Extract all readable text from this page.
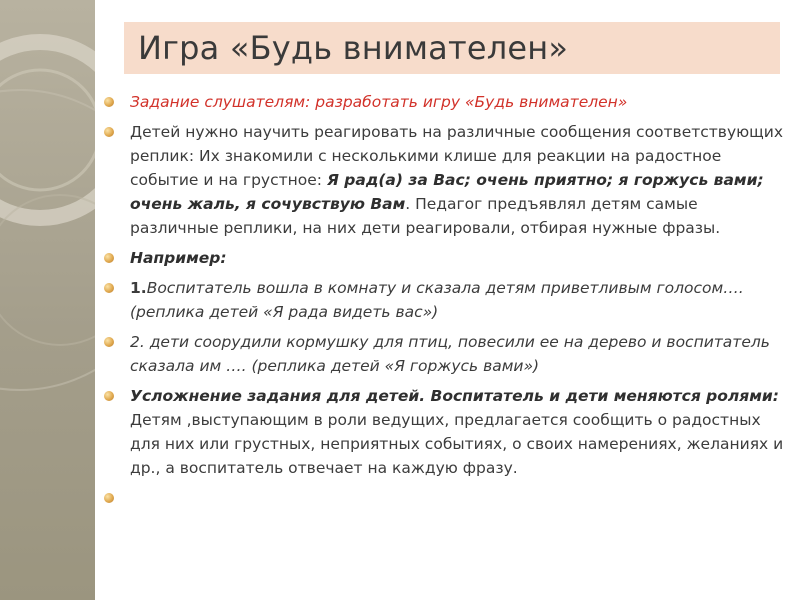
Игра «Будь внимателен»
Задание слушателям: разработать игру «Будь внимателен»
Детей нужно научить реагировать на различные сообщения соответствующих реплик: Их знакомили с несколькими клише для реакции на радостное событие и на грустное: Я рад(а) за Вас; очень приятно; я горжусь вами; очень жаль, я сочувствую Вам. Педагог предъявлял детям самые различные реплики, на них дети реагировали, отбирая нужные фразы.
Например:
1.Воспитатель вошла в комнату и сказала детям приветливым голосом…. (реплика детей «Я рада видеть вас»)
2. дети соорудили кормушку для птиц, повесили ее на дерево и воспитатель сказала им …. (реплика детей «Я горжусь вами»)
Усложнение задания для детей. Воспитатель и дети меняются ролями: Детям ,выступающим в роли ведущих, предлагается сообщить о радостных для них или грустных, неприятных событиях, о своих намерениях, желаниях и др., а воспитатель отвечает на каждую фразу.
